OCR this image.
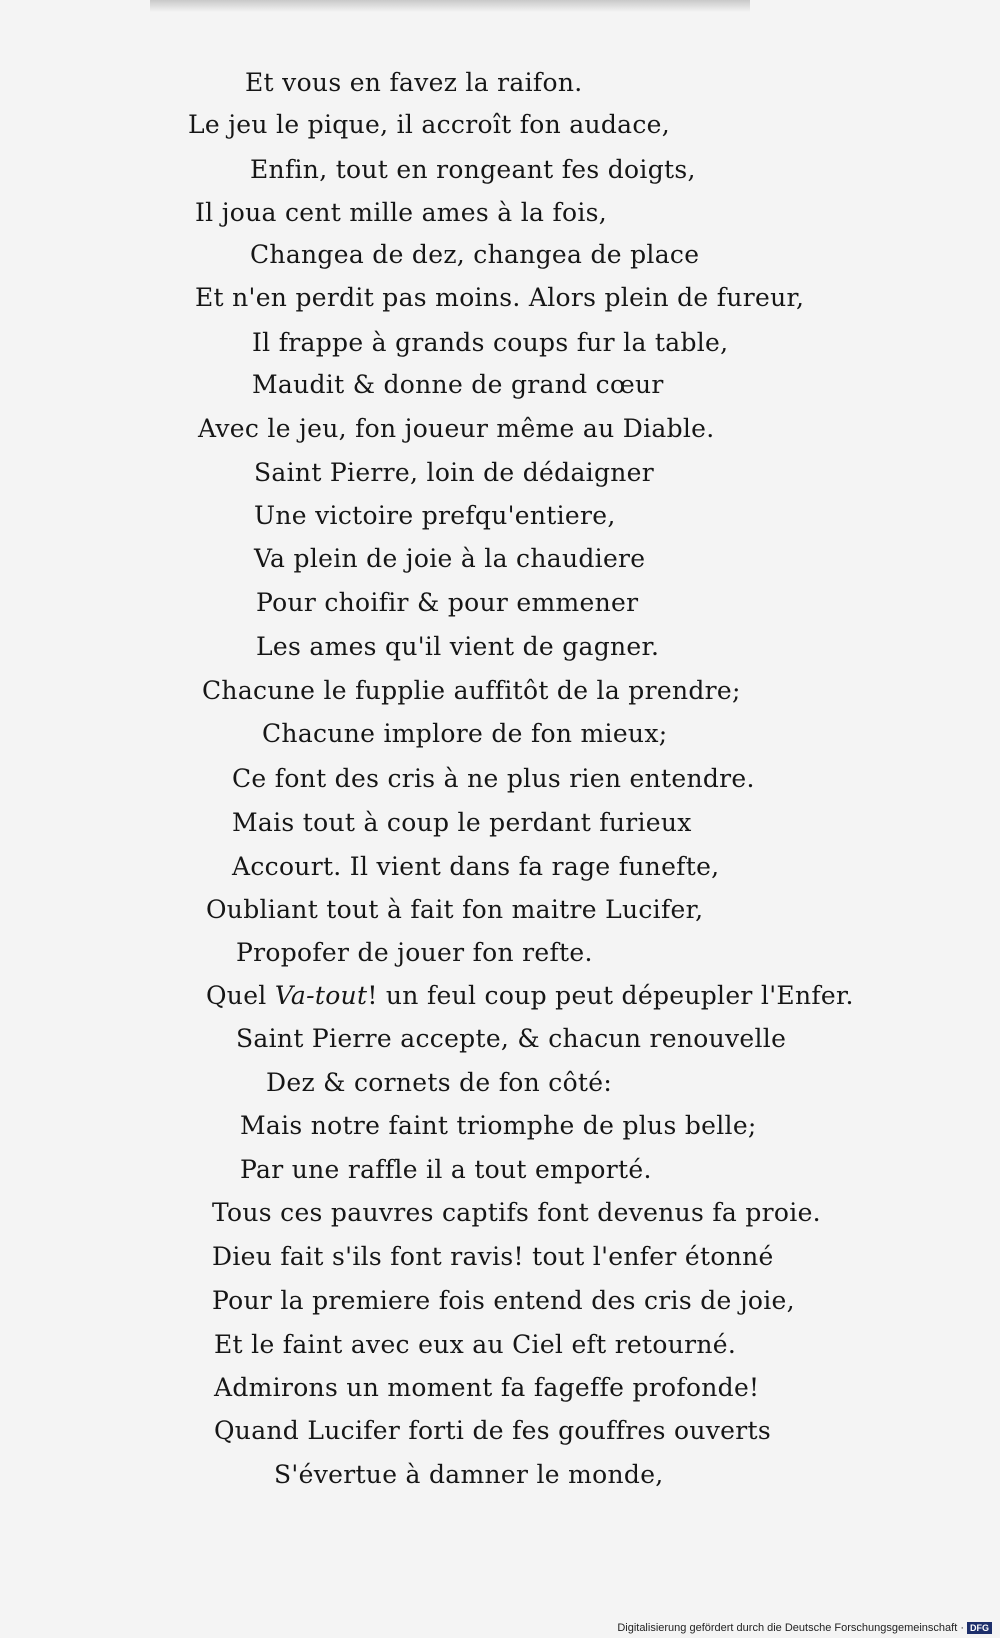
Et vous en favez la raifon.
Le jeu le pique, il accroît fon audace,
Enfin, tout en rongeant fes doigts,
Il joua cent mille ames à la fois,
Changea de dez, changea de place
Et n'en perdit pas moins. Alors plein de fureur,
Il frappe à grands coups fur la table,
Maudit & donne de grand cœur
Avec le jeu, fon joueur même au Diable.
Saint Pierre, loin de dédaigner
Une victoire prefqu'entiere,
Va plein de joie à la chaudiere
Pour choifir & pour emmener
Les ames qu'il vient de gagner.
Chacune le fupplie auffitôt de la prendre;
Chacune implore de fon mieux;
Ce font des cris à ne plus rien entendre.
Mais tout à coup le perdant furieux
Accourt. Il vient dans fa rage funefte,
Oubliant tout à fait fon maitre Lucifer,
Propofer de jouer fon refte.
Quel Va-tout! un feul coup peut dépeupler l'Enfer.
Saint Pierre accepte, & chacun renouvelle
Dez & cornets de fon côté:
Mais notre faint triomphe de plus belle;
Par une raffle il a tout emporté.
Tous ces pauvres captifs font devenus fa proie.
Dieu fait s'ils font ravis! tout l'enfer étonné
Pour la premiere fois entend des cris de joie,
Et le faint avec eux au Ciel eft retourné.
Admirons un moment fa fageffe profonde!
Quand Lucifer forti de fes gouffres ouverts
S'évertue à damner le monde,
Digitalisierung gefördert durch die Deutsche Forschungsgemeinschaft · DFG
